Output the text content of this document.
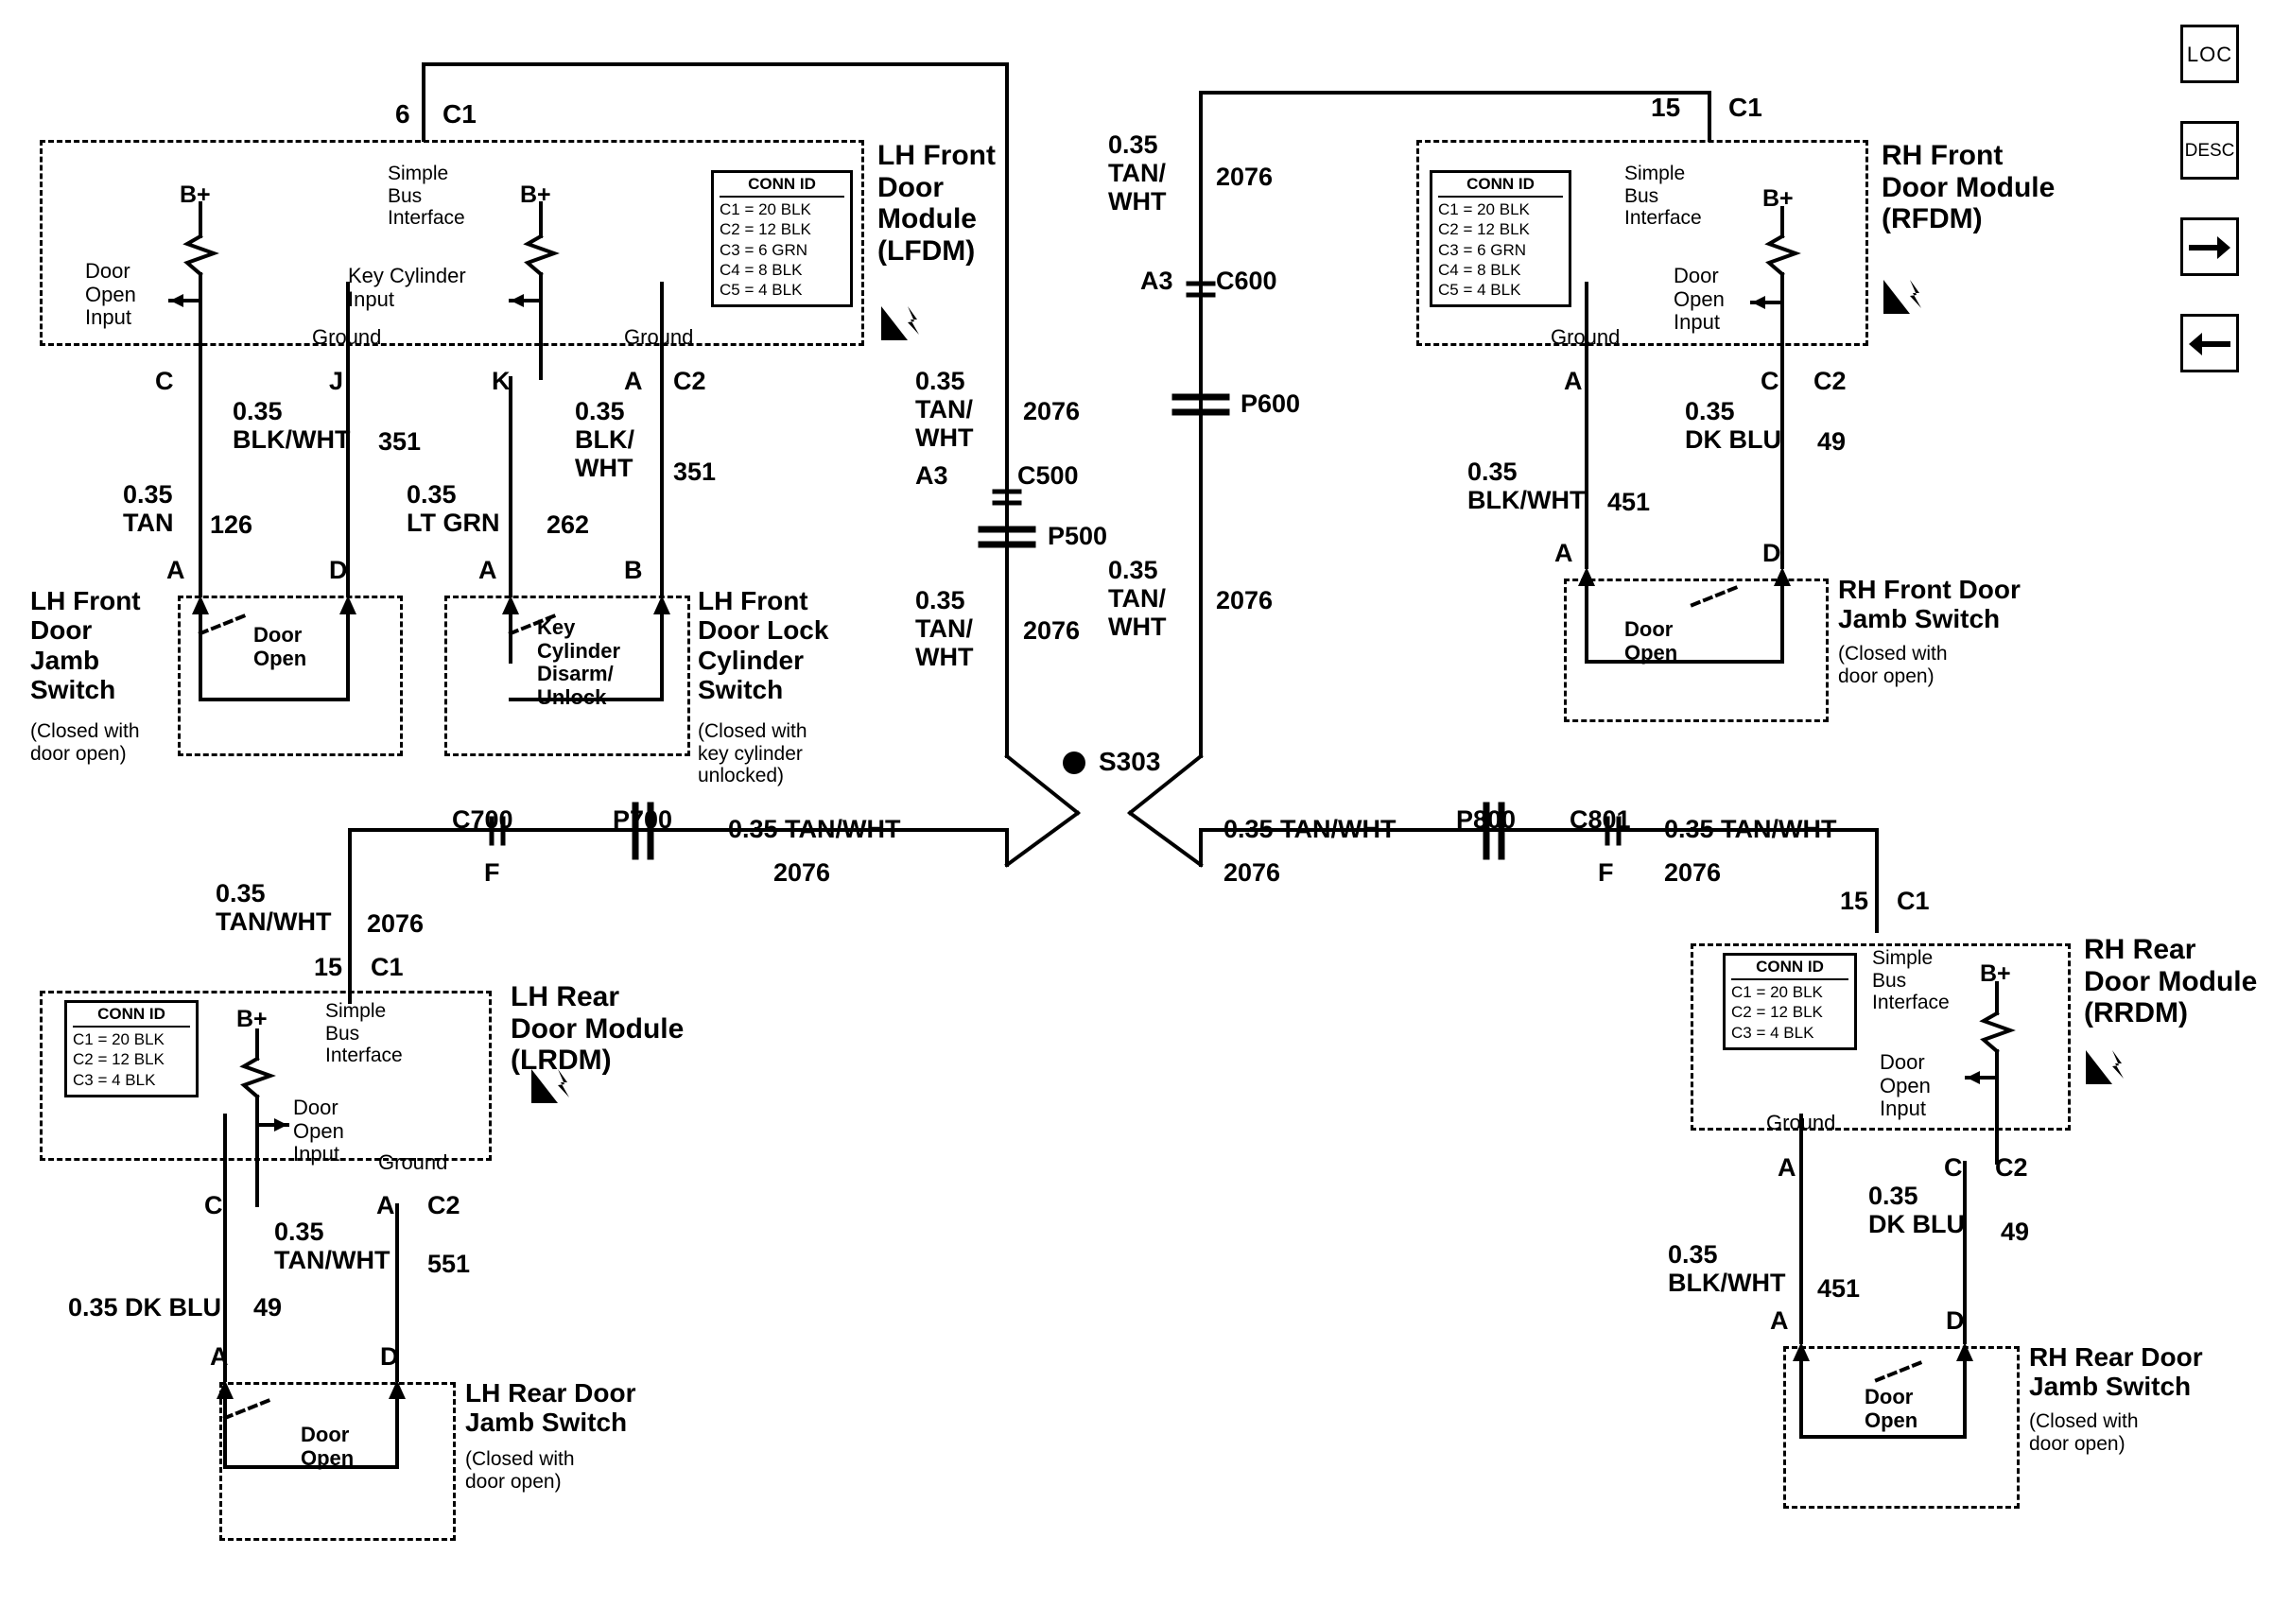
CONN ID
C1 = 20 BLK
C2 = 12 BLK
C3 = 6 GRN
C4 = 8 BLK
C5 = 4 BLK
CONN ID
C1 = 20 BLK
C2 = 12 BLK
C3 = 6 GRN
C4 = 8 BLK
C5 = 4 BLK
CONN ID
C1 = 20 BLK
C2 = 12 BLK
C3 = 4 BLK
CONN ID
C1 = 20 BLK
C2 = 12 BLK
C3 = 4 BLK
6 C1
LH Front
Door
Module
(LFDM)
Simple
Bus
Interface
B+	B+
Door
Open
Input
Key Cylinder
Input
Ground	Ground
C	J	K	A C2
0.35
BLK/WHT 351
0.35
BLK/
WHT 351
0.35
TAN 126
0.35
LT GRN 262
A	D	A	B
LH Front
Door
Jamb
Switch
(Closed with
door open)
Door
Open
LH Front
Door Lock
Cylinder
Switch
(Closed with
key cylinder
unlocked)
Key
Cylinder
Disarm/
Unlock
0.35
TAN/
WHT
2076
A3	C500
P500
0.35
TAN/
WHT
2076
0.35
TAN/
WHT
2076
A3 C600
P600
0.35
TAN/
WHT
2076
S303
15 C1
RH Front
Door Module
(RFDM)
Simple
Bus
Interface
B+
Door
Open
Input
Ground
A	C C2
0.35
DK BLU 49
0.35
BLK/WHT 451
A	D
RH Front Door
Jamb Switch
(Closed with
door open)
Door
Open
C700
F
P700 0.35 TAN/WHT
2076
0.35 TAN/WHT
2076
P800 C801
F
0.35 TAN/WHT
2076
0.35
TAN/WHT 2076
15 C1
LH Rear
Door Module
(LRDM)
Simple
Bus
Interface
B+
Door
Open
Input Ground
C	A C2
0.35
TAN/WHT 551
0.35 DK BLU 49
A	D
LH Rear Door
Jamb Switch
(Closed with
door open)
Door
Open
15 C1
RH Rear
Door Module
(RRDM)
Simple
Bus
Interface
B+
Door
Open
Input
Ground
A	C C2
0.35
DK BLU 49
0.35
BLK/WHT 451
A	D
RH Rear Door
Jamb Switch
(Closed with
door open)
Door
Open
LOC
DESC
